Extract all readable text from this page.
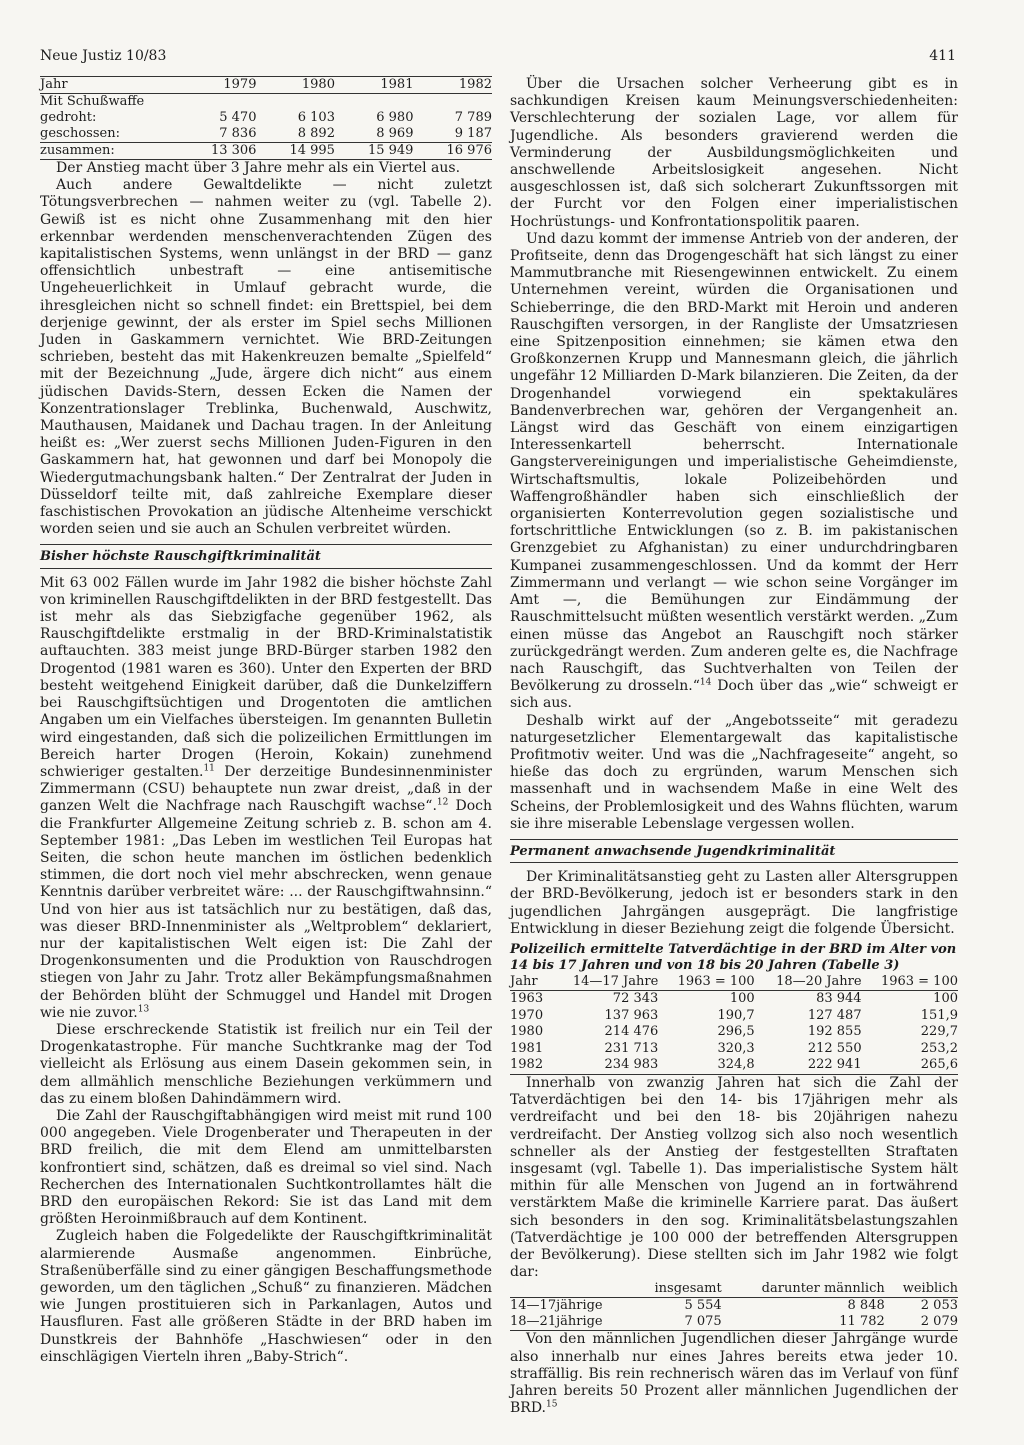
Neue Justiz 10/83	411
Jahr	1979	1980	1981	1982
Mit Schußwaffe				
gedroht:	5 470	6 103	6 980	7 789
geschossen:	7 836	8 892	8 969	9 187
zusammen:	13 306	14 995	15 949	16 976

Der Anstieg macht über 3 Jahre mehr als ein Viertel aus.

Auch andere Gewaltdelikte — nicht zuletzt Tötungsverbrechen — nahmen weiter zu (vgl. Tabelle 2). Gewiß ist es nicht ohne Zusammenhang mit den hier erkennbar werdenden menschenverachtenden Zügen des kapitalistischen Systems, wenn unlängst in der BRD — ganz offensichtlich unbestraft — eine antisemitische Ungeheuerlichkeit in Umlauf gebracht wurde, die ihresgleichen nicht so schnell findet: ein Brettspiel, bei dem derjenige gewinnt, der als erster im Spiel sechs Millionen Juden in Gaskammern vernichtet. Wie BRD-Zeitungen schrieben, besteht das mit Hakenkreuzen bemalte „Spielfeld“ mit der Bezeichnung „Jude, ärgere dich nicht“ aus einem jüdischen Davids-Stern, dessen Ecken die Namen der Konzentrationslager Treblinka, Buchenwald, Auschwitz, Mauthausen, Maidanek und Dachau tragen. In der Anleitung heißt es: „Wer zuerst sechs Millionen Juden-Figuren in den Gaskammern hat, hat gewonnen und darf bei Monopoly die Wiedergutmachungsbank halten.“ Der Zentralrat der Juden in Düsseldorf teilte mit, daß zahlreiche Exemplare dieser faschistischen Provokation an jüdische Altenheime verschickt worden seien und sie auch an Schulen verbreitet würden.

Bisher höchste Rauschgiftkriminalität

Mit 63 002 Fällen wurde im Jahr 1982 die bisher höchste Zahl von kriminellen Rauschgiftdelikten in der BRD festgestellt. Das ist mehr als das Siebzigfache gegenüber 1962, als Rauschgiftdelikte erstmalig in der BRD-Kriminalstatistik auftauchten. 383 meist junge BRD-Bürger starben 1982 den Drogentod (1981 waren es 360). Unter den Experten der BRD besteht weitgehend Einigkeit darüber, daß die Dunkelziffern bei Rauschgiftsüchtigen und Drogentoten die amtlichen Angaben um ein Vielfaches übersteigen. Im genannten Bulletin wird eingestanden, daß sich die polizeilichen Ermittlungen im Bereich harter Drogen (Heroin, Kokain) zunehmend schwieriger gestalten.$^{11}$ Der derzeitige Bundesinnenminister Zimmermann (CSU) behauptete nun zwar dreist, „daß in der ganzen Welt die Nachfrage nach Rauschgift wachse“.$^{12}$ Doch die Frankfurter Allgemeine Zeitung schrieb z. B. schon am 4. September 1981: „Das Leben im westlichen Teil Europas hat Seiten, die schon heute manchen im östlichen bedenklich stimmen, die dort noch viel mehr abschrecken, wenn genaue Kenntnis darüber verbreitet wäre: ... der Rauschgiftwahnsinn.“ Und von hier aus ist tatsächlich nur zu bestätigen, daß das, was dieser BRD-Innenminister als „Weltproblem“ deklariert, nur der kapitalistischen Welt eigen ist: Die Zahl der Drogenkonsumenten und die Produktion von Rauschdrogen stiegen von Jahr zu Jahr. Trotz aller Bekämpfungsmaßnahmen der Behörden blüht der Schmuggel und Handel mit Drogen wie nie zuvor.$^{13}$

Diese erschreckende Statistik ist freilich nur ein Teil der Drogenkatastrophe. Für manche Suchtkranke mag der Tod vielleicht als Erlösung aus einem Dasein gekommen sein, in dem allmählich menschliche Beziehungen verkümmern und das zu einem bloßen Dahindämmern wird.

Die Zahl der Rauschgiftabhängigen wird meist mit rund 100 000 angegeben. Viele Drogenberater und Therapeuten in der BRD freilich, die mit dem Elend am unmittelbarsten konfrontiert sind, schätzen, daß es dreimal so viel sind. Nach Recherchen des Internationalen Suchtkontrollamtes hält die BRD den europäischen Rekord: Sie ist das Land mit dem größten Heroinmißbrauch auf dem Kontinent.

Zugleich haben die Folgedelikte der Rauschgiftkriminalität alarmierende Ausmaße angenommen. Einbrüche, Straßenüberfälle sind zu einer gängigen Beschaffungsmethode geworden, um den täglichen „Schuß“ zu finanzieren. Mädchen wie Jungen prostituieren sich in Parkanlagen, Autos und Hausfluren. Fast alle größeren Städte in der BRD haben im Dunstkreis der Bahnhöfe „Haschwiesen“ oder in den einschlägigen Vierteln ihren „Baby-Strich“.

Über die Ursachen solcher Verheerung gibt es in sachkundigen Kreisen kaum Meinungsverschiedenheiten: Verschlechterung der sozialen Lage, vor allem für Jugendliche. Als besonders gravierend werden die Verminderung der Ausbildungsmöglichkeiten und anschwellende Arbeitslosigkeit angesehen. Nicht ausgeschlossen ist, daß sich solcherart Zukunftssorgen mit der Furcht vor den Folgen einer imperialistischen Hochrüstungs- und Konfrontationspolitik paaren.

Und dazu kommt der immense Antrieb von der anderen, der Profitseite, denn das Drogengeschäft hat sich längst zu einer Mammutbranche mit Riesengewinnen entwickelt. Zu einem Unternehmen vereint, würden die Organisationen und Schieberringe, die den BRD-Markt mit Heroin und anderen Rauschgiften versorgen, in der Rangliste der Umsatzriesen eine Spitzenposition einnehmen; sie kämen etwa den Großkonzernen Krupp und Mannesmann gleich, die jährlich ungefähr 12 Milliarden D-Mark bilanzieren. Die Zeiten, da der Drogenhandel vorwiegend ein spektakuläres Bandenverbrechen war, gehören der Vergangenheit an. Längst wird das Geschäft von einem einzigartigen Interessenkartell beherrscht. Internationale Gangstervereinigungen und imperialistische Geheimdienste, Wirtschaftsmultis, lokale Polizeibehörden und Waffengroßhändler haben sich einschließlich der organisierten Konterrevolution gegen sozialistische und fortschrittliche Entwicklungen (so z. B. im pakistanischen Grenzgebiet zu Afghanistan) zu einer undurchdringbaren Kumpanei zusammengeschlossen. Und da kommt der Herr Zimmermann und verlangt — wie schon seine Vorgänger im Amt —, die Bemühungen zur Eindämmung der Rauschmittelsucht müßten wesentlich verstärkt werden. „Zum einen müsse das Angebot an Rauschgift noch stärker zurückgedrängt werden. Zum anderen gelte es, die Nachfrage nach Rauschgift, das Suchtverhalten von Teilen der Bevölkerung zu drosseln.“$^{14}$ Doch über das „wie“ schweigt er sich aus.

Deshalb wirkt auf der „Angebotsseite“ mit geradezu naturgesetzlicher Elementargewalt das kapitalistische Profitmotiv weiter. Und was die „Nachfrageseite“ angeht, so hieße das doch zu ergründen, warum Menschen sich massenhaft und in wachsendem Maße in eine Welt des Scheins, der Problemlosigkeit und des Wahns flüchten, warum sie ihre miserable Lebenslage vergessen wollen.

Permanent anwachsende Jugendkriminalität

Der Kriminalitätsanstieg geht zu Lasten aller Altersgruppen der BRD-Bevölkerung, jedoch ist er besonders stark in den jugendlichen Jahrgängen ausgeprägt. Die langfristige Entwicklung in dieser Beziehung zeigt die folgende Übersicht.

Polizeilich ermittelte Tatverdächtige in der BRD im Alter von 14 bis 17 Jahren und von 18 bis 20 Jahren (Tabelle 3)
Jahr	14—17 Jahre	1963 = 100	18—20 Jahre	1963 = 100
1963	72 343	100	83 944	100
1970	137 963	190,7	127 487	151,9
1980	214 476	296,5	192 855	229,7
1981	231 713	320,3	212 550	253,2
1982	234 983	324,8	222 941	265,6

Innerhalb von zwanzig Jahren hat sich die Zahl der Tatverdächtigen bei den 14- bis 17jährigen mehr als verdreifacht und bei den 18- bis 20jährigen nahezu verdreifacht. Der Anstieg vollzog sich also noch wesentlich schneller als der Anstieg der festgestellten Straftaten insgesamt (vgl. Tabelle 1). Das imperialistische System hält mithin für alle Menschen von Jugend an in fortwährend verstärktem Maße die kriminelle Karriere parat. Das äußert sich besonders in den sog. Kriminalitätsbelastungszahlen (Tatverdächtige je 100 000 der betreffenden Altersgruppen der Bevölkerung). Diese stellten sich im Jahr 1982 wie folgt dar:

	insgesamt	darunter männlich	weiblich
14—17jährige	5 554	8 848	2 053
18—21jährige	7 075	11 782	2 079

Von den männlichen Jugendlichen dieser Jahrgänge wurde also innerhalb nur eines Jahres bereits etwa jeder 10. straffällig. Bis rein rechnerisch wären das im Verlauf von fünf Jahren bereits 50 Prozent aller männlichen Jugendlichen der BRD.$^{15}$
